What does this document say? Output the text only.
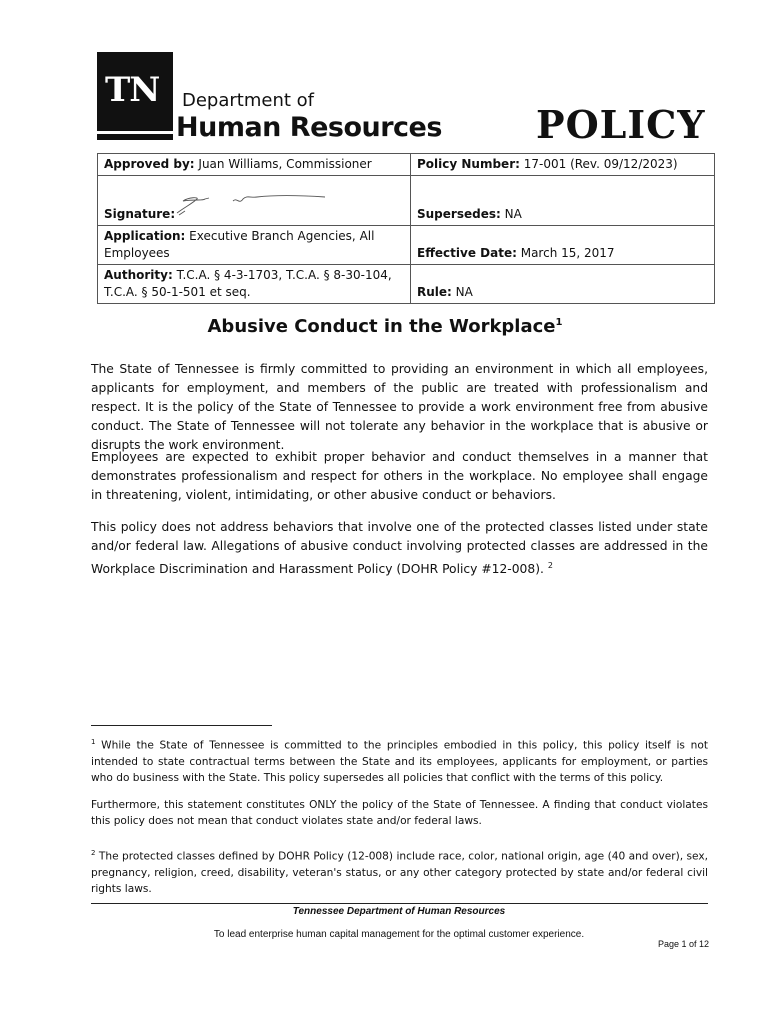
TN	Department of
Human Resources POLICY
Approved by: Juan Williams, Commissioner	Policy Number: 17-001 (Rev. 09/12/2023)
Signature:	Supersedes: NA
Application: Executive Branch Agencies, All Employees	Effective Date: March 15, 2017
Authority: T.C.A. § 4-3-1703, T.C.A. § 8-30-104, T.C.A. § 50-1-501 et seq.	Rule: NA
Abusive Conduct in the Workplace$^1$
The State of Tennessee is firmly committed to providing an environment in which all employees, applicants for employment, and members of the public are treated with professionalism and respect. It is the policy of the State of Tennessee to provide a work environment free from abusive conduct. The State of Tennessee will not tolerate any behavior in the workplace that is abusive or disrupts the work environment.
Employees are expected to exhibit proper behavior and conduct themselves in a manner that demonstrates professionalism and respect for others in the workplace. No employee shall engage in threatening, violent, intimidating, or other abusive conduct or behaviors.
This policy does not address behaviors that involve one of the protected classes listed under state and/or federal law. Allegations of abusive conduct involving protected classes are addressed in the Workplace Discrimination and Harassment Policy (DOHR Policy #12-008). $^2$
$^1$ While the State of Tennessee is committed to the principles embodied in this policy, this policy itself is not intended to state contractual terms between the State and its employees, applicants for employment, or parties who do business with the State. This policy supersedes all policies that conflict with the terms of this policy.
Furthermore, this statement constitutes ONLY the policy of the State of Tennessee. A finding that conduct violates this policy does not mean that conduct violates state and/or federal laws.
$^2$ The protected classes defined by DOHR Policy (12-008) include race, color, national origin, age (40 and over), sex, pregnancy, religion, creed, disability, veteran's status, or any other category protected by state and/or federal civil rights laws.
Tennessee Department of Human Resources
To lead enterprise human capital management for the optimal customer experience.
Page 1 of 12
